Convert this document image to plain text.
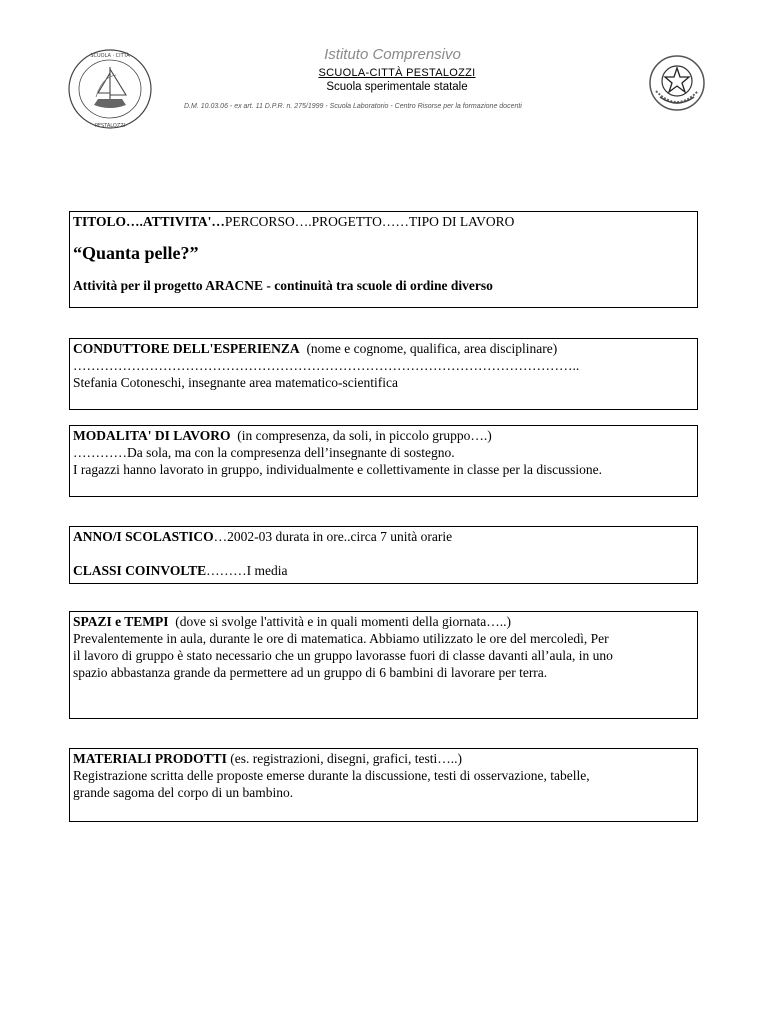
SCUOLA · CITTÀ
PESTALOZZI
Istituto Comprensivo
SCUOLA-CITTÀ PESTALOZZI
Scuola sperimentale statale
D.M. 10.03.06 - ex art. 11 D.P.R. n. 275/1999 - Scuola Laboratorio - Centro Risorse per la formazione docenti
TITOLO….ATTIVITA'…PERCORSO….PROGETTO……TIPO DI LAVORO
“Quanta pelle?”
Attività per il progetto ARACNE - continuità tra scuole di ordine diverso
CONDUTTORE DELL'ESPERIENZA (nome e cognome, qualifica, area disciplinare)
…………………………………………………………………………………………………..
Stefania Cotoneschi, insegnante area matematico-scientifica
MODALITA' DI LAVORO (in compresenza, da soli, in piccolo gruppo….)
…………Da sola, ma con la compresenza dell’insegnante di sostegno.
I ragazzi hanno lavorato in gruppo, individualmente e collettivamente in classe per la discussione.
ANNO/I SCOLASTICO…2002-03 durata in ore..circa 7 unità orarie
CLASSI COINVOLTE………I media
SPAZI e TEMPI (dove si svolge l'attività e in quali momenti della giornata…..)
Prevalentemente in aula, durante le ore di matematica. Abbiamo utilizzato le ore del mercoledì, Per
il lavoro di gruppo è stato necessario che un gruppo lavorasse fuori di classe davanti all’aula, in uno
spazio abbastanza grande da permettere ad un gruppo di 6 bambini di lavorare per terra.
MATERIALI PRODOTTI (es. registrazioni, disegni, grafici, testi…..)
Registrazione scritta delle proposte emerse durante la discussione, testi di osservazione, tabelle,
grande sagoma del corpo di un bambino.
